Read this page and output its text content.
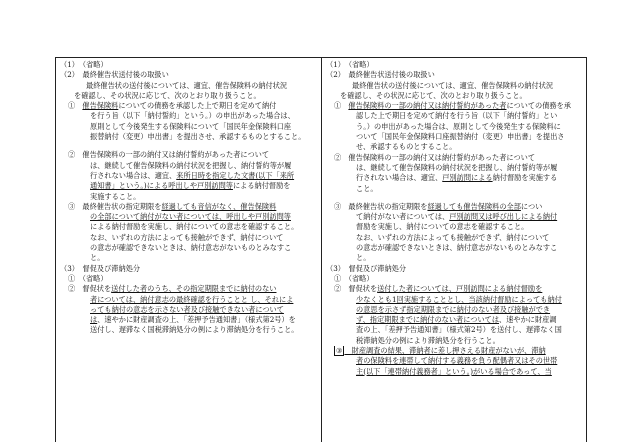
（1）　（省略）
（2）　最終催告状送付後の取扱い
最終催告状の送付後については、適宜、催告保険料の納付状況
を確認し、その状況に応じて、次のとおり取り扱うこと。
①　催告保険料についての債務を承認した上で期日を定めて納付
を行う旨（以下「納付誓約」という。）の申出があった場合は、
原則として今後発生する保険料について「国民年金保険料口座
振替納付（変更）申出書」を提出させ、承認するものとすること。
②　催告保険料の一部の納付又は納付誓約があった者について
は、継続して催告保険料の納付状況を把握し、納付誓約等が履
行されない場合は、適宜、来所日時を指定した文書(以下「来所
通知書」という。)による呼出しや戸別訪問等による納付督励を
実施すること。
③　最終催告状の指定期限を経過しても音信がなく、催告保険料
の全部について納付がない者については、呼出しや戸別訪問等
による納付督励を実施し、納付についての意志を確認すること。
なお、いずれの方法によっても接触ができず、納付について
の意志が確認できないときは、納付意志がないものとみなすこ
と。
（3）　督促及び滞納処分
①　（省略）
②　督促状を送付した者のうち、その指定期限までに納付のない
者については、納付意志の最終確認を行うことと し、それによ
っても納付の意志を示さない者及び接触できない者について
は、速やかに財産調査の上、「差押予告通知書」（様式第2号）を
送付し、遅滞なく国税滞納処分の例により滞納処分を行うこと。
（1）　（省略）
（2）　最終催告状送付後の取扱い
最終催告状の送付後については、適宜、催告保険料の納付状況
を確認し、その状況に応じて、次のとおり取り扱うこと。
①　催告保険料の一部の納付又は納付誓約があった者についての債務を承
認した上で期日を定めて納付を行う旨（以下「納付誓約」とい
う。）の申出があった場合は、原則として今後発生する保険料に
ついて「国民年金保険料口座振替納付（変更）申出書」を提出さ
せ、承認するものとすること。
②　催告保険料の一部の納付又は納付誓約があった者について
は、継続して催告保険料の納付状況を把握し、納付誓約等が履
行されない場合は、適宜、戸別訪問による納付督励を実施する
こと。
③　最終催告状の指定期限を経過しても催告保険料の全部につい
て納付がない者については、戸別訪問又は呼び出しによる納付
督励を実施し、納付についての意志を確認すること。
なお、いずれの方法によっても接触ができず、納付について
の意志が確認できないときは、納付意志がないものとみなすこ
と。
（3）　督促及び滞納処分
①　（省略）
②　督促状を送付した者については、戸別訪問による納付督励を
少なくとも1回実施することとし、当該納付督励によっても納付
の意思を示さず指定期限までに納付のない者及び接触ができ
ず、指定期限までに納付のない者については、速やかに財産調
査の上、「差押予告通知書」（様式第2号）を送付し、遅滞なく国
税滞納処分の例により滞納処分を行うこと。
③　財産調査の結果、滞納者に差し押さえる財産がないが、滞納
者の保険料を連帯して納付する義務を負う配偶者又はその世帯
主(以下「連帯納付義務者」という。)がいる場合であって、当
